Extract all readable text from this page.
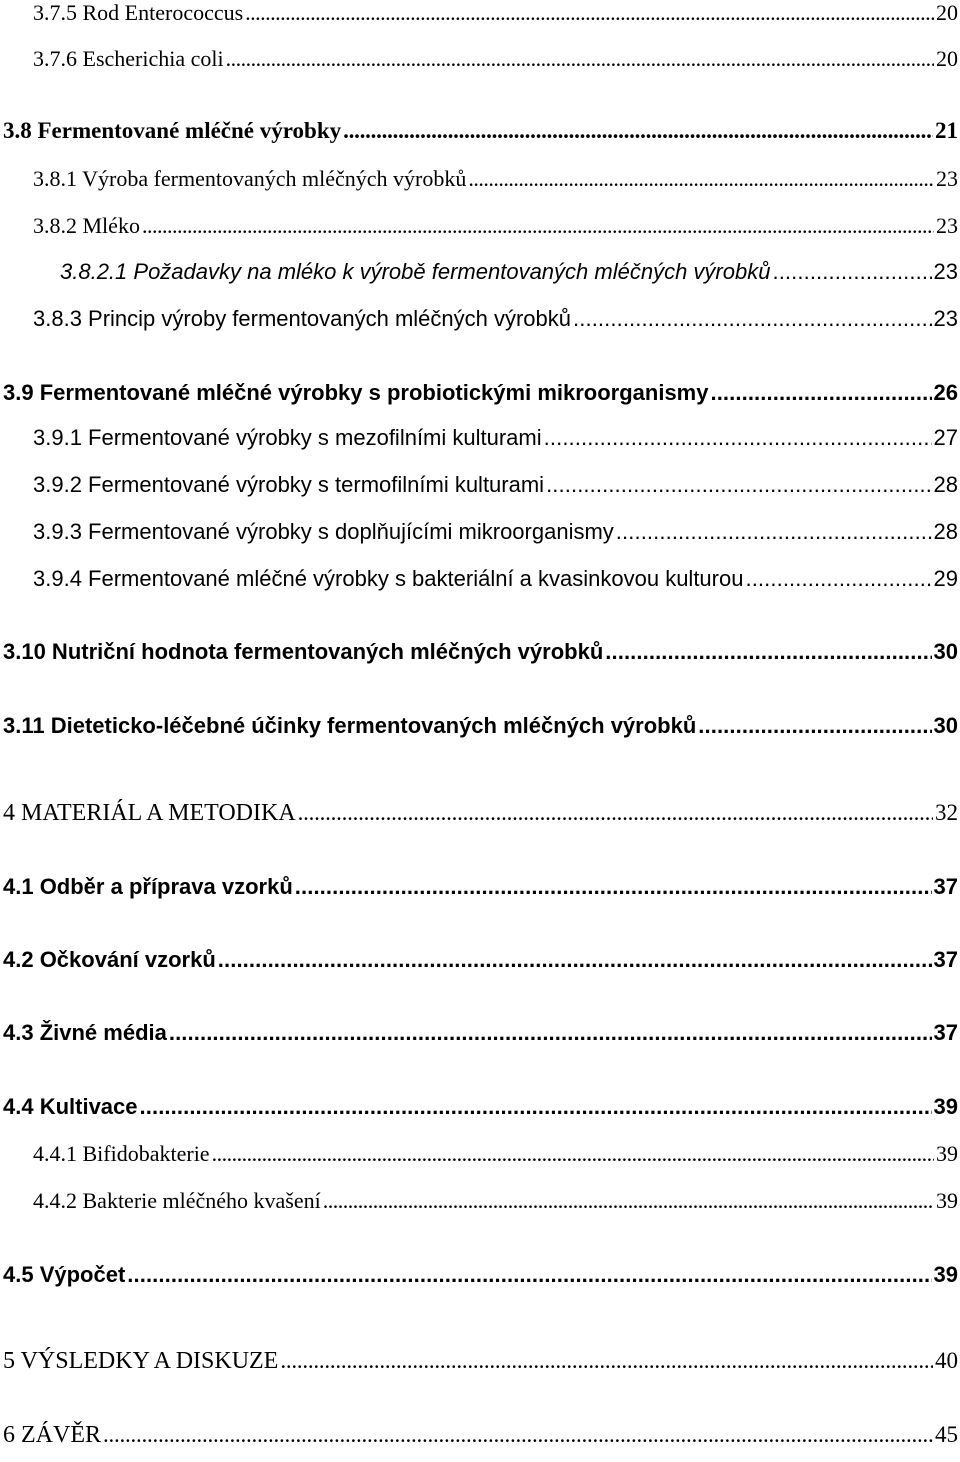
3.7.5 Rod Enterococcus . . .	20
3.7.6 Escherichia coli . . .	20
3.8 Fermentované mléčné výrobky . . .	21
3.8.1 Výroba fermentovaných mléčných výrobků . . .	23
3.8.2 Mléko . . .	23
3.8.2.1 Požadavky na mléko k výrobě fermentovaných mléčných výrobků . . .	23
3.8.3 Princip výroby fermentovaných mléčných výrobků . . .	23
3.9 Fermentované mléčné výrobky s probiotickými mikroorganismy . . .	26
3.9.1 Fermentované výrobky s mezofilními kulturami . . .	27
3.9.2 Fermentované výrobky s termofilními kulturami . . .	28
3.9.3 Fermentované výrobky s doplňujícími mikroorganismy . . .	28
3.9.4 Fermentované mléčné výrobky s bakteriální a kvasinkovou kulturou . . .	29
3.10 Nutriční hodnota fermentovaných mléčných výrobků . . .	30
3.11 Dieteticko-léčebné účinky fermentovaných mléčných výrobků . . .	30
4 MATERIÁL A METODIKA . . .	32
4.1 Odběr a příprava vzorků . . .	37
4.2 Očkování vzorků . . .	37
4.3 Živné média . . .	37
4.4 Kultivace . . .	39
4.4.1 Bifidobakterie . . .	39
4.4.2 Bakterie mléčného kvašení . . .	39
4.5 Výpočet . . .	39
5 VÝSLEDKY A DISKUZE . . .	40
6 ZÁVĚR . . .	45
